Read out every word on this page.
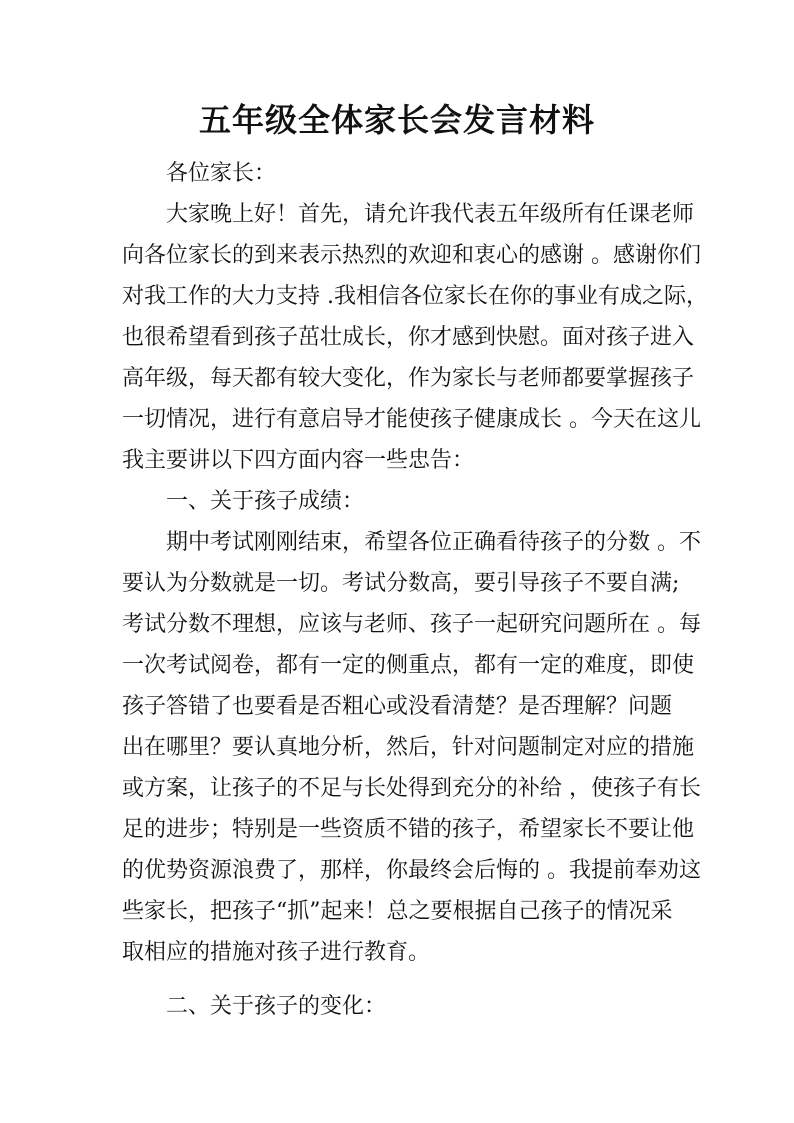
五年级全体家长会发言材料
各位家长：
大家晚上好！首先，请允许我代表五年级所有任课老师
向各位家长的到来表示热烈的欢迎和衷心的感谢 。感谢你们
对我工作的大力支持 .我相信各位家长在你的事业有成之际，
也很希望看到孩子茁壮成长，你才感到快慰。面对孩子进入
高年级，每天都有较大变化，作为家长与老师都要掌握孩子
一切情况，进行有意启导才能使孩子健康成长 。今天在这儿
我主要讲以下四方面内容一些忠告：
一、关于孩子成绩：
期中考试刚刚结束，希望各位正确看待孩子的分数 。不
要认为分数就是一切。考试分数高，要引导孩子不要自满;
考试分数不理想，应该与老师、孩子一起研究问题所在 。每
一次考试阅卷，都有一定的侧重点，都有一定的难度，即使
孩子答错了也要看是否粗心或没看清楚？是否理解？问题
出在哪里？要认真地分析，然后，针对问题制定对应的措施
或方案，让孩子的不足与长处得到充分的补给 ，使孩子有长
足的进步；特别是一些资质不错的孩子，希望家长不要让他
的优势资源浪费了，那样，你最终会后悔的 。我提前奉劝这
些家长，把孩子“抓”起来！总之要根据自己孩子的情况采
取相应的措施对孩子进行教育。
二、关于孩子的变化：
